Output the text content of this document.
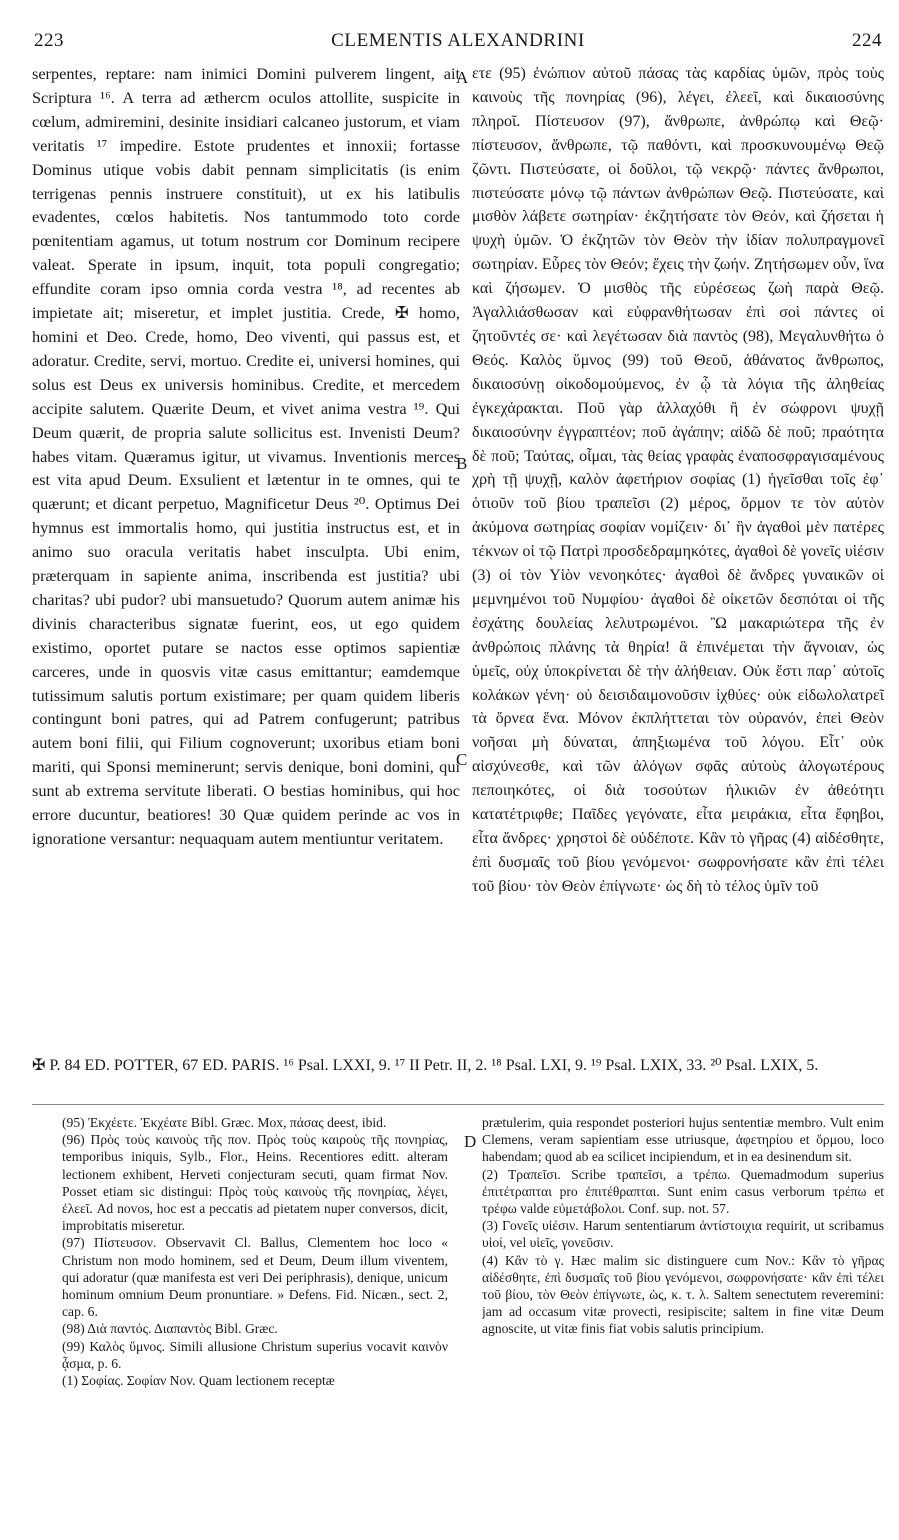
223	CLEMENTIS ALEXANDRINI	224

serpentes, reptare: nam inimici Domini pulverem lingent, ait Scriptura ¹⁶. A terra ad æthercm oculos attollite, suspicite in cœlum, admiremini, desinite insidiari calcaneo justorum, et viam veritatis ¹⁷ impedire. Estote prudentes et innoxii; fortasse Dominus utique vobis dabit pennam simplicitatis (is enim terrigenas pennis instruere constituit), ut ex his latibulis evadentes, cœlos habitetis. Nos tantummodo toto corde pœnitentiam agamus, ut totum nostrum cor Dominum recipere valeat. Sperate in ipsum, inquit, tota populi congregatio; effundite coram ipso omnia corda vestra ¹⁸, ad recentes ab impietate ait; miseretur, et implet justitia. Crede, ✠ homo, homini et Deo. Crede, homo, Deo viventi, qui passus est, et adoratur. Credite, servi, mortuo. Credite ei, universi homines, qui solus est Deus ex universis hominibus. Credite, et mercedem accipite salutem. Quærite Deum, et vivet anima vestra ¹⁹. Qui Deum quærit, de propria salute sollicitus est. Invenisti Deum? habes vitam. Quæramus igitur, ut vivamus. Inventionis merces est vita apud Deum. Exsulient et lætentur in te omnes, qui te quærunt; et dicant perpetuo, Magnificetur Deus ²⁰. Optimus Dei hymnus est immortalis homo, qui justitia instructus est, et in animo suo oracula veritatis habet insculpta. Ubi enim, præterquam in sapiente anima, inscribenda est justitia? ubi charitas? ubi pudor? ubi mansuetudo? Quorum autem animæ his divinis characteribus signatæ fuerint, eos, ut ego quidem existimo, oportet putare se nactos esse optimos sapientiæ carceres, unde in quosvis vitæ casus emittantur; eamdemque tutissimum salutis portum existimare; per quam quidem liberis contingunt boni patres, qui ad Patrem confugerunt; patribus autem boni filii, qui Filium cognoverunt; uxoribus etiam boni mariti, qui Sponsi meminerunt; servis denique, boni domini, qui sunt ab extrema servitute liberati. O bestias hominibus, qui hoc errore ducuntur, beatiores! 30 Quæ quidem perinde ac vos in ignoratione versantur: nequaquam autem mentiuntur veritatem.

ετε (95) ἐνώπιον αὐτοῦ πάσας τὰς καρδίας ὑμῶν, πρὸς τοὺς καινοὺς τῆς πονηρίας (96), λέγει, ἐλεεῖ, καὶ δικαιοσύνης πληροῖ. Πίστευσον (97), ἄνθρωπε, ἀνθρώπῳ καὶ Θεῷ· πίστευσον, ἄνθρωπε, τῷ παθόντι, καὶ προσκυνουμένῳ Θεῷ ζῶντι. Πιστεύσατε, οἱ δοῦλοι, τῷ νεκρῷ· πάντες ἄνθρωποι, πιστεύσατε μόνῳ τῷ πάντων ἀνθρώπων Θεῷ. Πιστεύσατε, καὶ μισθὸν λάβετε σωτηρίαν· ἐκζητήσατε τὸν Θεόν, καὶ ζήσεται ἡ ψυχὴ ὑμῶν. Ὁ ἐκζητῶν τὸν Θεὸν τὴν ἰδίαν πολυπραγμονεῖ σωτηρίαν. Εὗρες τὸν Θεόν; ἔχεις τὴν ζωήν. Ζητήσωμεν οὖν, ἵνα καὶ ζήσωμεν. Ὁ μισθὸς τῆς εὑρέσεως ζωὴ παρὰ Θεῷ. Ἀγαλλιάσθωσαν καὶ εὐφρανθήτωσαν ἐπὶ σοὶ πάντες οἱ ζητοῦντές σε· καὶ λεγέτωσαν διὰ παντὸς (98), Μεγαλυνθήτω ὁ Θεός. Καλὸς ὕμνος (99) τοῦ Θεοῦ, ἀθάνατος ἄνθρωπος, δικαιοσύνῃ οἰκοδομούμενος, ἐν ᾧ τὰ λόγια τῆς ἀληθείας ἐγκεχάρακται. Ποῦ γὰρ ἀλλαχόθι ἢ ἐν σώφρονι ψυχῇ δικαιοσύνην ἐγγραπτέον; ποῦ ἀγάπην; αἰδῶ δὲ ποῦ; πραότητα δὲ ποῦ; Ταύτας, οἶμαι, τὰς θείας γραφὰς ἐναποσφραγισαμένους χρὴ τῇ ψυχῇ, καλὸν ἀφετήριον σοφίας (1) ἡγεῖσθαι τοῖς ἐφ᾽ ὁτιοῦν τοῦ βίου τραπεῖσι (2) μέρος, ὅρμον τε τὸν αὐτὸν ἀκύμονα σωτηρίας σοφίαν νομίζειν· δι᾽ ἣν ἀγαθοὶ μὲν πατέρες τέκνων οἱ τῷ Πατρὶ προσδεδραμηκότες, ἀγαθοὶ δὲ γονεῖς υἱέσιν (3) οἱ τὸν Υἱὸν νενοηκότες· ἀγαθοὶ δὲ ἄνδρες γυναικῶν οἱ μεμνημένοι τοῦ Νυμφίου· ἀγαθοὶ δὲ οἰκετῶν δεσπόται οἱ τῆς ἐσχάτης δουλείας λελυτρωμένοι. Ὢ μακαριώτερα τῆς ἐν ἀνθρώποις πλάνης τὰ θηρία! ἃ ἐπινέμεται τὴν ἄγνοιαν, ὡς ὑμεῖς, οὐχ ὑποκρίνεται δὲ τὴν ἀλήθειαν. Οὐκ ἔστι παρ᾽ αὐτοῖς κολάκων γένη· οὐ δεισιδαιμονοῦσιν ἰχθύες· οὐκ εἰδωλολατρεῖ τὰ ὄρνεα ἕνα. Μόνον ἐκπλήττεται τὸν οὐρανόν, ἐπεὶ Θεὸν νοῆσαι μὴ δύναται, ἀπηξιωμένα τοῦ λόγου. Εἶτ᾽ οὐκ αἰσχύνεσθε, καὶ τῶν ἀλόγων σφᾶς αὐτοὺς ἀλογωτέρους πεποιηκότες, οἱ διὰ τοσούτων ἡλικιῶν ἐν ἀθεότητι κατατέτριφθε; Παῖδες γεγόνατε, εἶτα μειράκια, εἶτα ἔφηβοι, εἶτα ἄνδρες· χρηστοὶ δὲ οὐδέποτε. Κἂν τὸ γῆρας (4) αἰδέσθητε, ἐπὶ δυσμαῖς τοῦ βίου γενόμενοι· σωφρονήσατε κἂν ἐπὶ τέλει τοῦ βίου· τὸν Θεὸν ἐπίγνωτε· ὡς δὴ τὸ τέλος ὑμῖν τοῦ

A
B
C
D
✠ P. 84 ED. POTTER, 67 ED. PARIS. ¹⁶ Psal. LXXI, 9. ¹⁷ II Petr. II, 2. ¹⁸ Psal. LXI, 9. ¹⁹ Psal. LXIX, 33. ²⁰ Psal. LXIX, 5.

(95) Ἐκχέετε. Ἐκχέατε Bibl. Græc. Mox, πάσας deest, ibid.

(96) Πρὸς τοὺς καινοὺς τῆς πον. Πρὸς τοὺς καιροὺς τῆς πονηρίας, temporibus iniquis, Sylb., Flor., Heins. Recentiores editt. alteram lectionem exhibent, Herveti conjecturam secuti, quam firmat Nov. Posset etiam sic distingui: Πρὸς τοὺς καινοὺς τῆς πονηρίας, λέγει, ἐλεεῖ. Ad novos, hoc est a peccatis ad pietatem nuper conversos, dicit, improbitatis miseretur.

(97) Πίστευσον. Observavit Cl. Ballus, Clementem hoc loco « Christum non modo hominem, sed et Deum, Deum illum viventem, qui adoratur (quæ manifesta est veri Dei periphrasis), denique, unicum hominum omnium Deum pronuntiare. » Defens. Fid. Nicæn., sect. 2, cap. 6.

(98) Διὰ παντός. Διαπαντὸς Bibl. Græc.

(99) Καλὸς ὕμνος. Simili allusione Christum superius vocavit καινὸν ᾆσμα, p. 6.

(1) Σοφίας. Σοφίαν Nov. Quam lectionem receptæ

prætulerim, quia respondet posteriori hujus sententiæ membro. Vult enim Clemens, veram sapientiam esse utriusque, ἀφετηρίου et ὅρμου, loco habendam; quod ab ea scilicet incipiendum, et in ea desinendum sit.

(2) Τραπεῖσι. Scribe τραπεῖσι, a τρέπω. Quemadmodum superius ἐπιτέτραπται pro ἐπιτέθραπται. Sunt enim casus verborum τρέπω et τρέφω valde εὐμετάβολοι. Conf. sup. not. 57.

(3) Γονεῖς υἱέσιν. Harum sententiarum ἀντίστοιχια requirit, ut scribamus υἱοί, vel υἱεῖς, γονεῦσιν.

(4) Κἂν τὸ γ. Hæc malim sic distinguere cum Nov.: Κἂν τὸ γῆρας αἰδέσθητε, ἐπὶ δυσμαῖς τοῦ βίου γενόμενοι, σωφρονήσατε· κἂν ἐπὶ τέλει τοῦ βίου, τὸν Θεὸν ἐπίγνωτε, ὡς, κ. τ. λ. Saltem senectutem reveremini: jam ad occasum vitæ provecti, resipiscite; saltem in fine vitæ Deum agnoscite, ut vitæ finis fiat vobis salutis principium.
